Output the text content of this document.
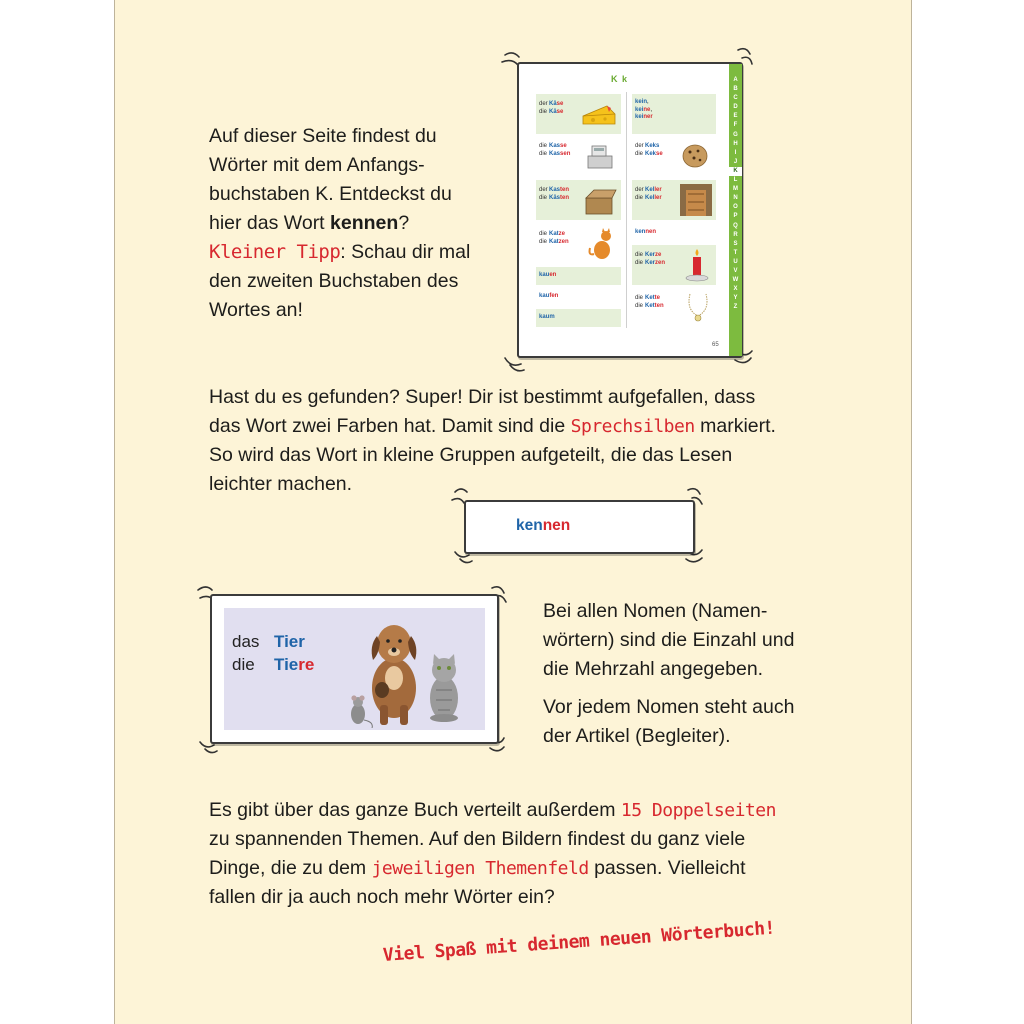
Auf dieser Seite findest du
Wörter mit dem Anfangs-
buchstaben K. Entdeckst du
hier das Wort kennen?
Kleiner Tipp: Schau dir mal
den zweiten Buchstaben des
Wortes an!
K k	A
B
C
D
E
F
G
H
I
J
K
L
M
N
O
P
Q
R
S
T
U
V
W
X
Y
Z
der
die
Käse
Käse
die
die
Kasse
Kassen
der
die
Kasten
Kästen
die
die
Katze
Katzen
kauen
kaufen
kaum
kein,
keine,
keiner
der
die
Keks
Kekse
der
die
Keller
Keller
kennen
die
die
Kerze
Kerzen
die
die
Kette
Ketten
65
Hast du es gefunden? Super! Dir ist bestimmt aufgefallen, dass
das Wort zwei Farben hat. Damit sind die Sprechsilben markiert.
So wird das Wort in kleine Gruppen aufgeteilt, die das Lesen
leichter machen.
kennen
das Tier
die Tiere
Bei allen Nomen (Namen-
wörtern) sind die Einzahl und
die Mehrzahl angegeben.
Vor jedem Nomen steht auch
der Artikel (Begleiter).
Es gibt über das ganze Buch verteilt außerdem 15 Doppelseiten
zu spannenden Themen. Auf den Bildern findest du ganz viele
Dinge, die zu dem jeweiligen Themenfeld passen. Vielleicht
fallen dir ja auch noch mehr Wörter ein?
Viel Spaß mit deinem neuen Wörterbuch!
